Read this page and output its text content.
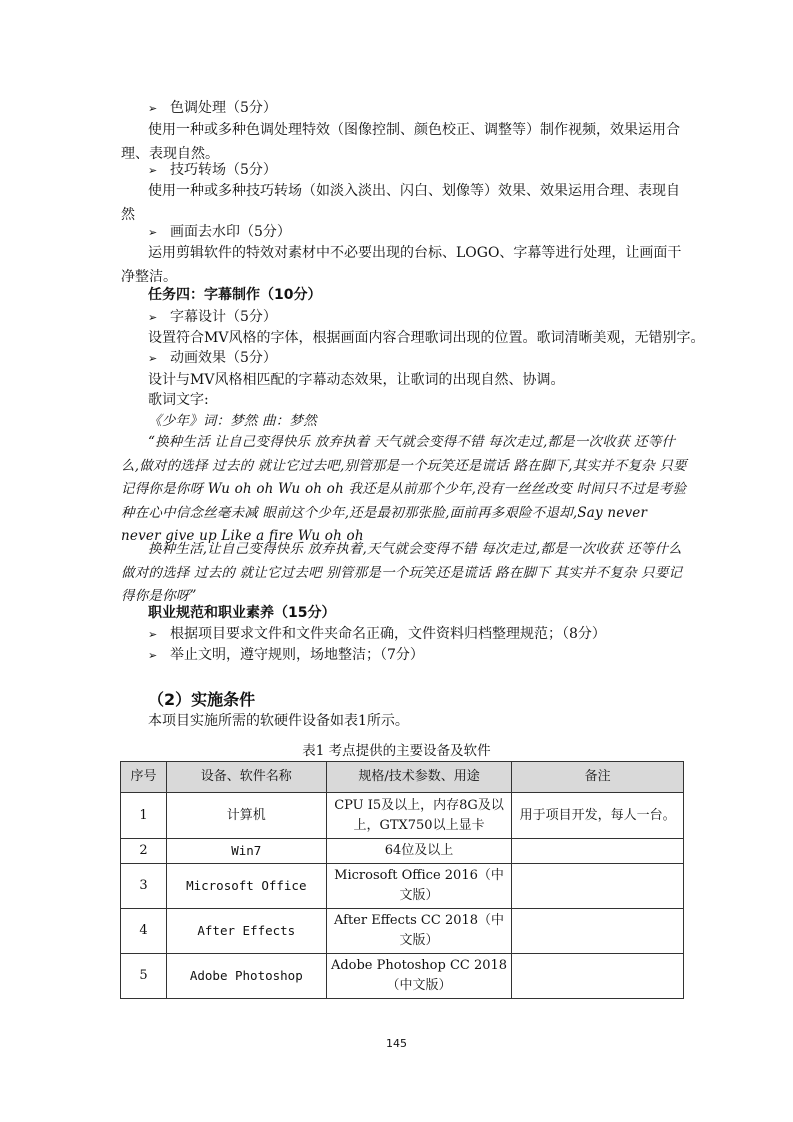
➢ 色调处理（5分）
使用一种或多种色调处理特效（图像控制、颜色校正、调整等）制作视频，效果运用合理、表现自然。
➢ 技巧转场（5分）
使用一种或多种技巧转场（如淡入淡出、闪白、划像等）效果、效果运用合理、表现自然
➢ 画面去水印（5分）
运用剪辑软件的特效对素材中不必要出现的台标、LOGO、字幕等进行处理，让画面干净整洁。
任务四：字幕制作（10分）
➢ 字幕设计（5分）
设置符合MV风格的字体，根据画面内容合理歌词出现的位置。歌词清晰美观，无错别字。
➢ 动画效果（5分）
设计与MV风格相匹配的字幕动态效果，让歌词的出现自然、协调。
歌词文字:
《少年》词：梦然 曲：梦然
“换种生活 让自己变得快乐 放弃执着 天气就会变得不错 每次走过,都是一次收获 还等什么,做对的选择 过去的 就让它过去吧,别管那是一个玩笑还是谎话 路在脚下,其实并不复杂 只要记得你是你呀 Wu oh oh Wu oh oh 我还是从前那个少年,没有一丝丝改变 时间只不过是考验 种在心中信念丝毫未减 眼前这个少年,还是最初那张脸,面前再多艰险不退却,Say never never give up Like a fire Wu oh oh
换种生活,让自己变得快乐 放弃执着,天气就会变得不错 每次走过,都是一次收获 还等什么 做对的选择 过去的 就让它过去吧 别管那是一个玩笑还是谎话 路在脚下 其实并不复杂 只要记得你是你呀”
职业规范和职业素养（15分）
➢ 根据项目要求文件和文件夹命名正确，文件资料归档整理规范；（8分）
➢ 举止文明，遵守规则，场地整洁；（7分）
（2）实施条件
本项目实施所需的软硬件设备如表1所示。
表1 考点提供的主要设备及软件
序号	设备、软件名称	规格/技术参数、用途	备注
1	计算机	CPU I5及以上，内存8G及以上，GTX750以上显卡	用于项目开发，每人一台。
2	Win7	64位及以上	
3	Microsoft Office	Microsoft Office 2016（中文版）	
4	After Effects	After Effects CC 2018（中文版）	
5	Adobe Photoshop	Adobe Photoshop CC 2018（中文版）	
145
